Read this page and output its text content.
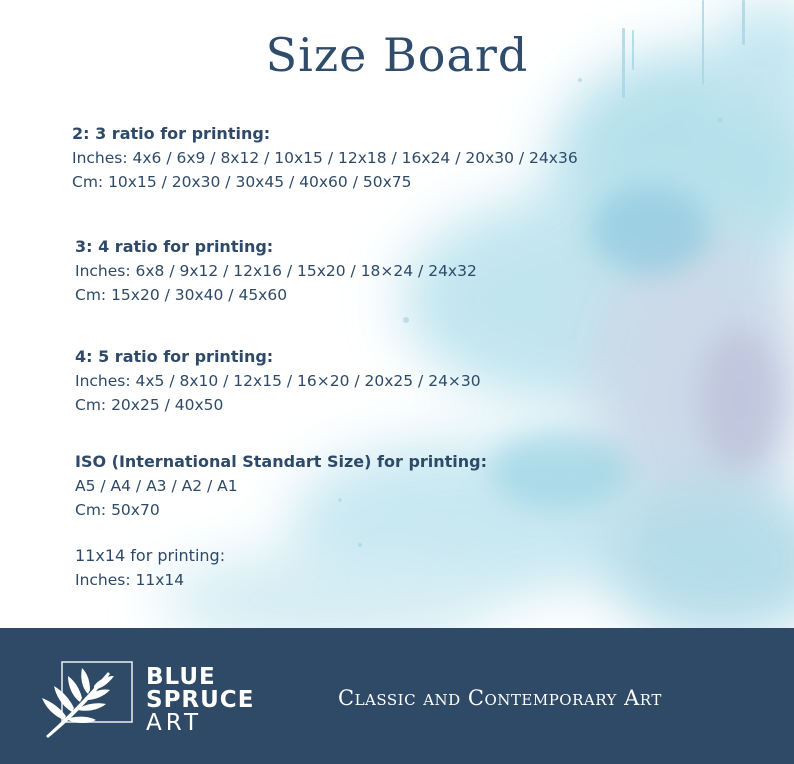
Size Board
2: 3 ratio for printing:
Inches: 4x6 / 6x9 / 8x12 / 10x15 / 12x18 / 16x24 / 20x30 / 24x36
Cm: 10x15 / 20x30 / 30x45 / 40x60 / 50x75
3: 4 ratio for printing:
Inches: 6x8 / 9x12 / 12x16 / 15x20 / 18×24 / 24x32
Cm: 15x20 / 30x40 / 45x60
4: 5 ratio for printing:
Inches: 4x5 / 8x10 / 12x15 / 16×20 / 20x25 / 24×30
Cm: 20x25 / 40x50
ISO (International Standart Size) for printing:
A5 / A4 / A3 / A2 / A1
Cm: 50x70
11x14 for printing:
Inches: 11x14
BLUE
SPRUCE
ART
Classic and Contemporary Art
